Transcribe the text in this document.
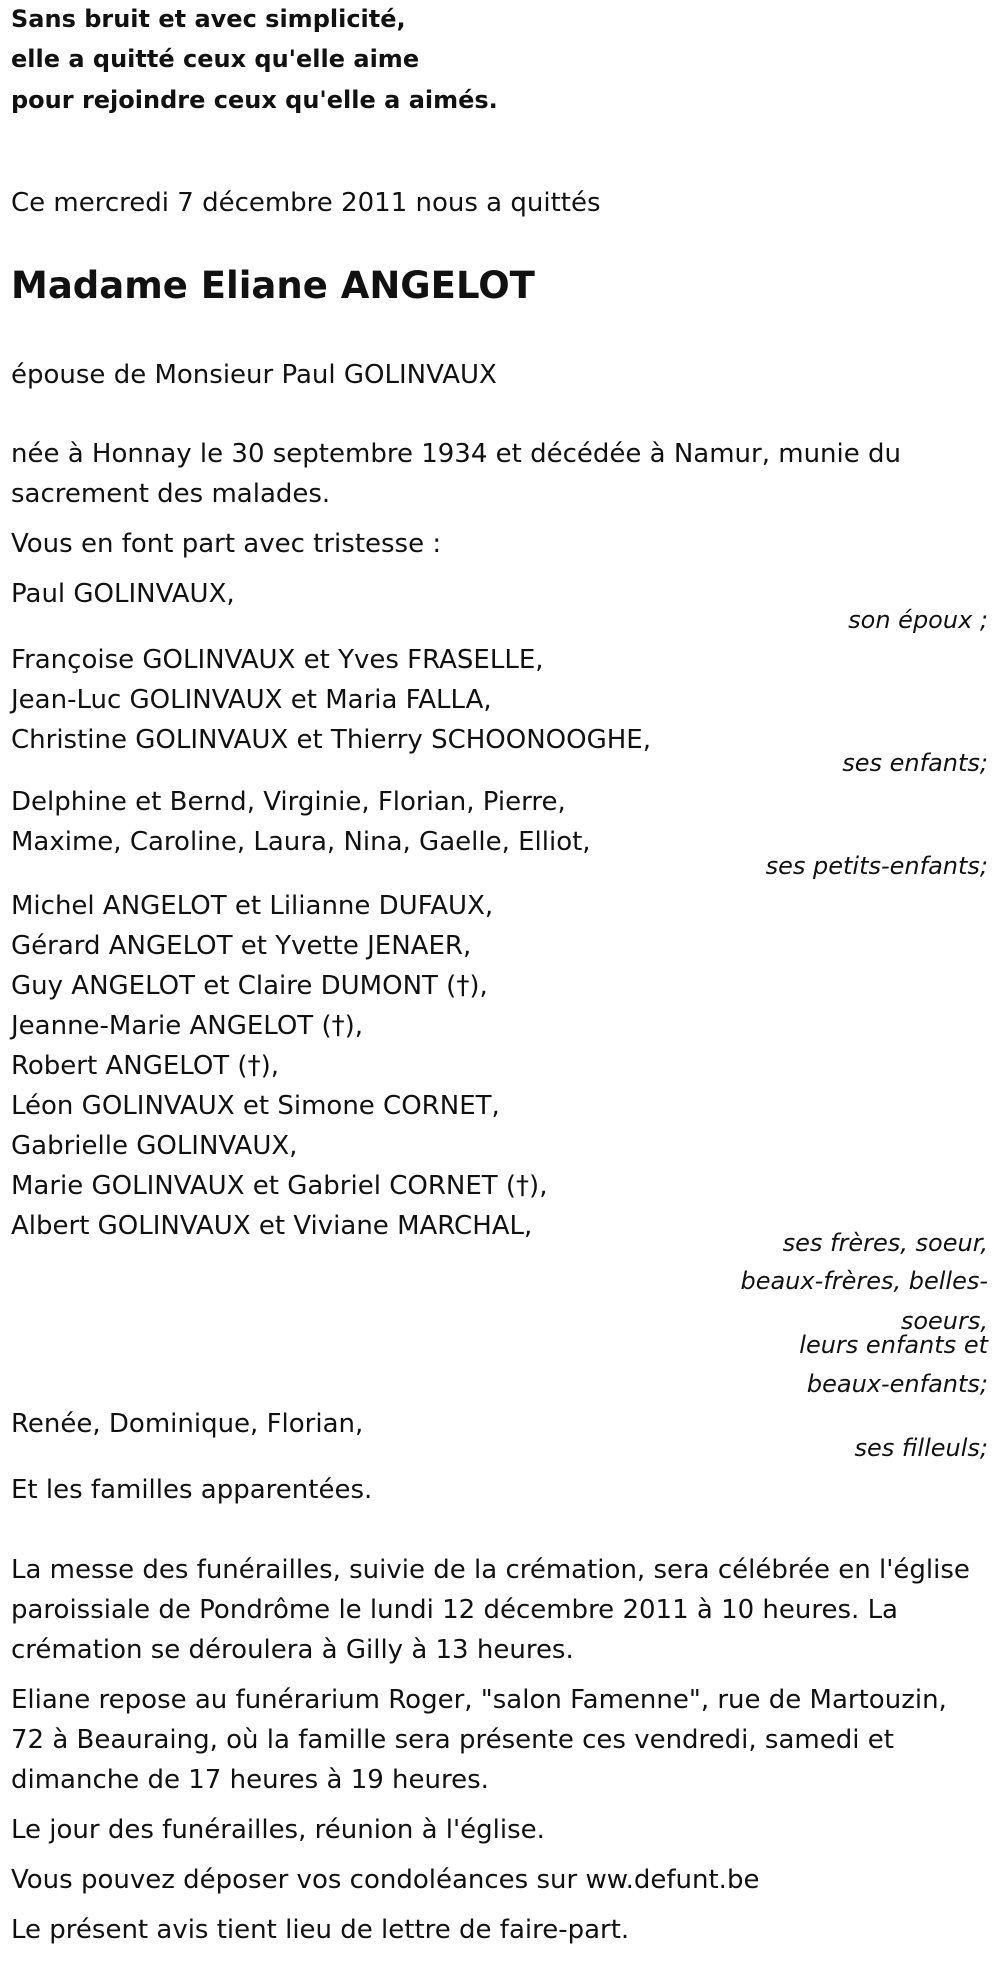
Sans bruit et avec simplicité,
elle a quitté ceux qu'elle aime
pour rejoindre ceux qu'elle a aimés.
Ce mercredi 7 décembre 2011 nous a quittés
Madame Eliane ANGELOT
épouse de Monsieur Paul GOLINVAUX
née à Honnay le 30 septembre 1934 et décédée à Namur, munie du
sacrement des malades.
Vous en font part avec tristesse :
Paul GOLINVAUX,
son époux ;
Françoise GOLINVAUX et Yves FRASELLE,
Jean-Luc GOLINVAUX et Maria FALLA,
Christine GOLINVAUX et Thierry SCHOONOOGHE,
ses enfants;
Delphine et Bernd, Virginie, Florian, Pierre,
Maxime, Caroline, Laura, Nina, Gaelle, Elliot,
ses petits-enfants;
Michel ANGELOT et Lilianne DUFAUX,
Gérard ANGELOT et Yvette JENAER,
Guy ANGELOT et Claire DUMONT (†),
Jeanne-Marie ANGELOT (†),
Robert ANGELOT (†),
Léon GOLINVAUX et Simone CORNET,
Gabrielle GOLINVAUX,
Marie GOLINVAUX et Gabriel CORNET (†),
Albert GOLINVAUX et Viviane MARCHAL,
ses frères, soeur,
beaux-frères, belles-
soeurs,
leurs enfants et
beaux-enfants;
Renée, Dominique, Florian,
ses filleuls;
Et les familles apparentées.
La messe des funérailles, suivie de la crémation, sera célébrée en l'église
paroissiale de Pondrôme le lundi 12 décembre 2011 à 10 heures. La
crémation se déroulera à Gilly à 13 heures.
Eliane repose au funérarium Roger, "salon Famenne", rue de Martouzin,
72 à Beauraing, où la famille sera présente ces vendredi, samedi et
dimanche de 17 heures à 19 heures.
Le jour des funérailles, réunion à l'église.
Vous pouvez déposer vos condoléances sur ww.defunt.be
Le présent avis tient lieu de lettre de faire-part.
